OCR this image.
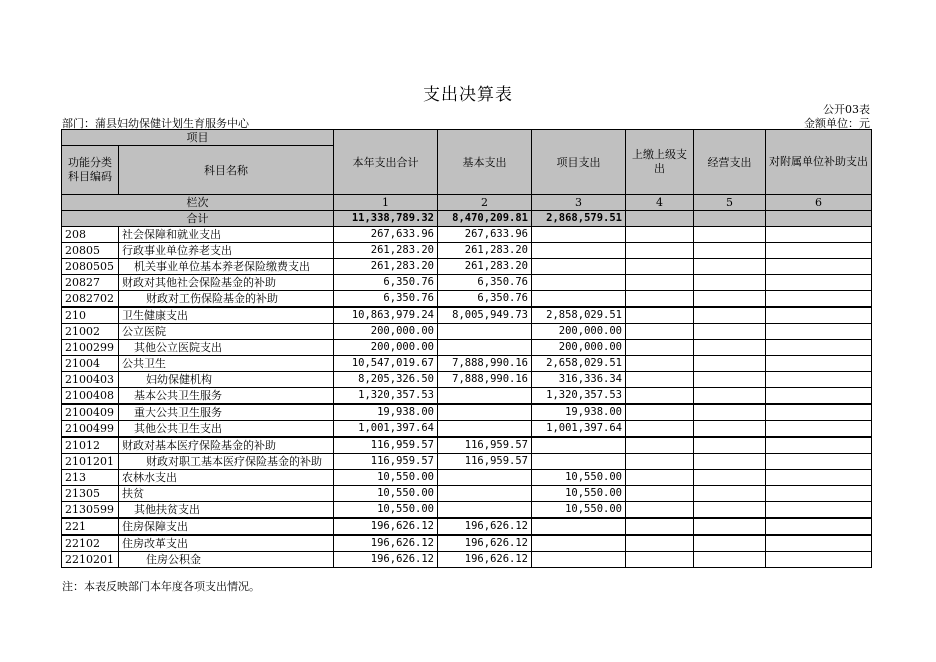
支出决算表
公开03表
部门：蒲县妇幼保健计划生育服务中心	金额单位：元
项目		本年支出合计	基本支出	项目支出	上缴上级支出	经营支出	对附属单位补助支出
功能分类科目编码	科目名称						
栏次		1	2	3	4	5	6
合计		11,338,789.32	8,470,209.81	2,868,579.51			
208	社会保障和就业支出	267,633.96	267,633.96				
20805	行政事业单位养老支出	261,283.20	261,283.20				
2080505	机关事业单位基本养老保险缴费支出	261,283.20	261,283.20				
20827	财政对其他社会保险基金的补助	6,350.76	6,350.76				
2082702	财政对工伤保险基金的补助	6,350.76	6,350.76				
210	卫生健康支出	10,863,979.24	8,005,949.73	2,858,029.51			
21002	公立医院	200,000.00		200,000.00			
2100299	其他公立医院支出	200,000.00		200,000.00			
21004	公共卫生	10,547,019.67	7,888,990.16	2,658,029.51			
2100403	妇幼保健机构	8,205,326.50	7,888,990.16	316,336.34			
2100408	基本公共卫生服务	1,320,357.53		1,320,357.53			
2100409	重大公共卫生服务	19,938.00		19,938.00			
2100499	其他公共卫生支出	1,001,397.64		1,001,397.64			
21012	财政对基本医疗保险基金的补助	116,959.57	116,959.57				
2101201	财政对职工基本医疗保险基金的补助	116,959.57	116,959.57				
213	农林水支出	10,550.00		10,550.00			
21305	扶贫	10,550.00		10,550.00			
2130599	其他扶贫支出	10,550.00		10,550.00			
221	住房保障支出	196,626.12	196,626.12				
22102	住房改革支出	196,626.12	196,626.12				
2210201	住房公积金	196,626.12	196,626.12				
注：本表反映部门本年度各项支出情况。
